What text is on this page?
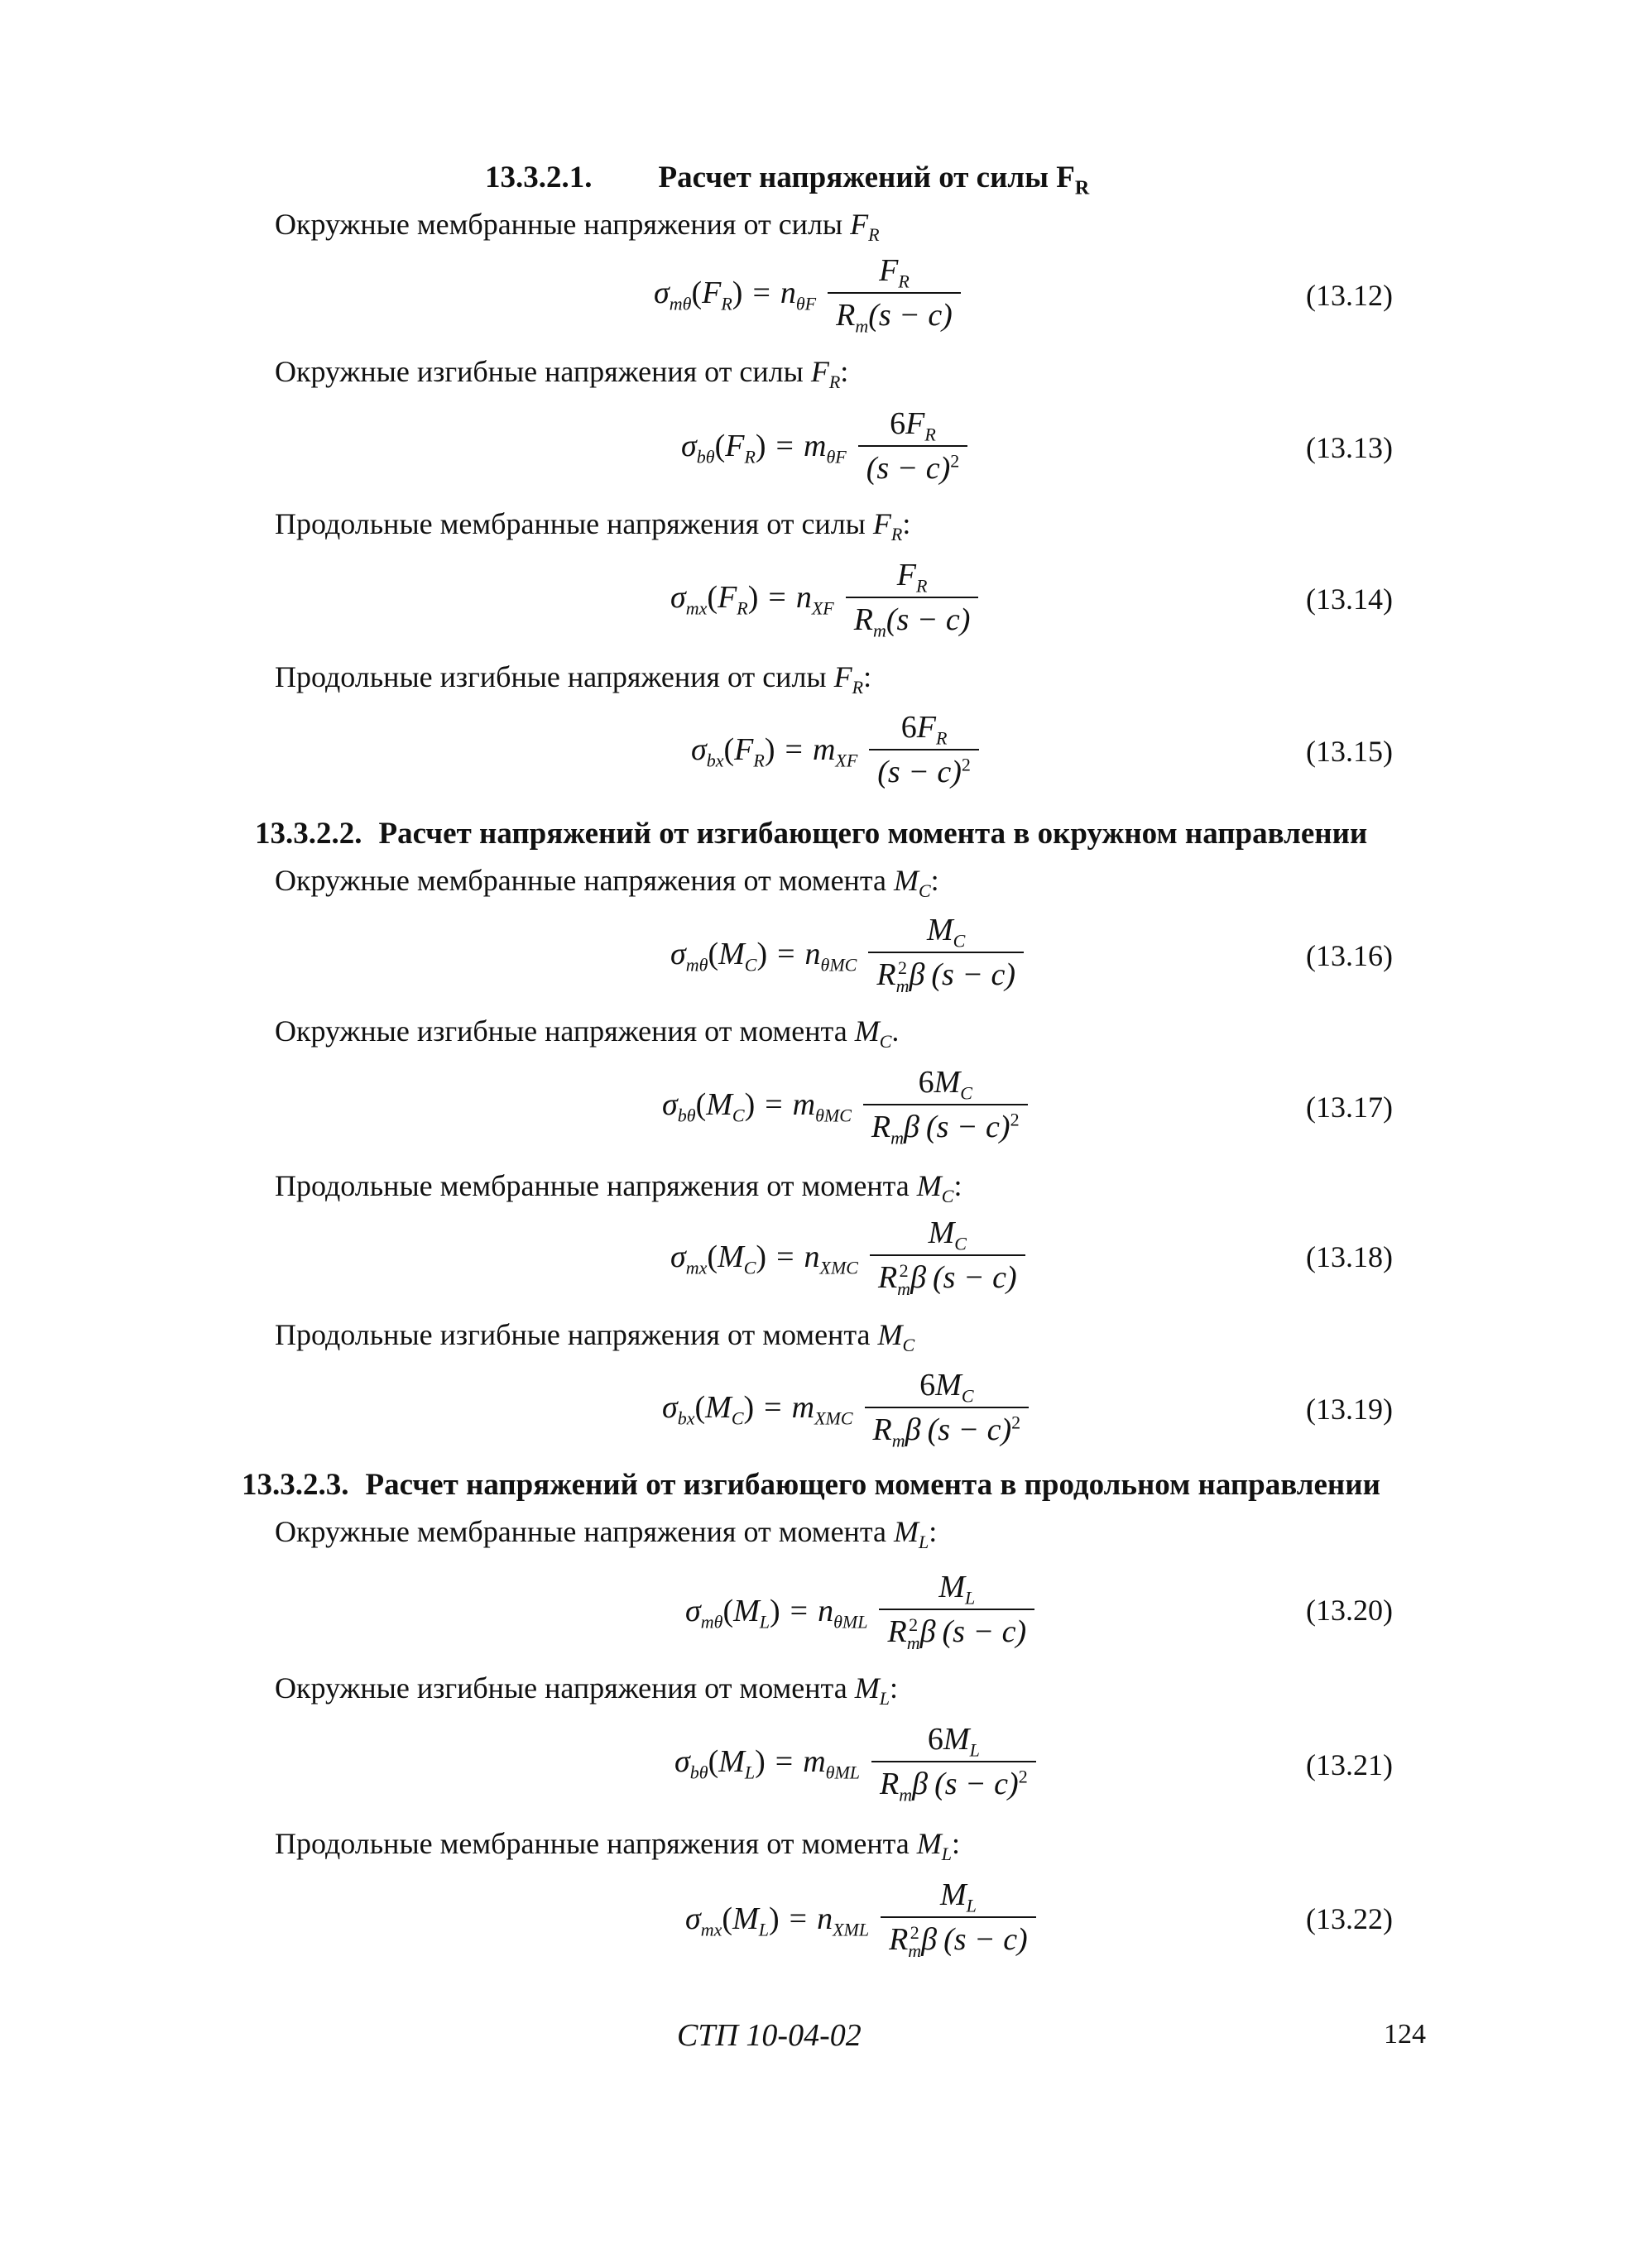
13.3.2.1. Расчет напряжений от силы $F_R$
Окружные мембранные напряжения от силы $F_R$
$\sigma_{m\theta}(F_R) = n_{\theta F} \frac{F_R}{R_m(s - c)}$	(13.12)
Окружные изгибные напряжения от силы $F_R$:
$\sigma_{b\theta}(F_R) = m_{\theta F} \frac{6F_R}{(s - c)^2}$	(13.13)
Продольные мембранные напряжения от силы $F_R$:
$\sigma_{mx}(F_R) = n_{XF} \frac{F_R}{R_m(s - c)}$	(13.14)
Продольные изгибные напряжения от силы $F_R$:
$\sigma_{bx}(F_R) = m_{XF} \frac{6F_R}{(s - c)^2}$	(13.15)
13.3.2.2. Расчет напряжений от изгибающего момента в окружном направлении
Окружные мембранные напряжения от момента $M_C$:
$\sigma_{m\theta}(M_C) = n_{\theta MC}$ $M_C$
R 2
m β (s − c)	(13.16)
Окружные изгибные напряжения от момента $M_C$.
$\sigma_{b\theta}(M_C) = m_{\theta MC} \frac{6M_C}{R_m\beta (s - c)^2}$	(13.17)
Продольные мембранные напряжения от момента $M_C$:
$\sigma_{mx}(M_C) = n_{XMC}$ $M_C$
R 2
m β (s − c)	(13.18)
Продольные изгибные напряжения от момента $M_C$
$\sigma_{bx}(M_C) = m_{XMC} \frac{6M_C}{R_m\beta (s - c)^2}$	(13.19)
13.3.2.3. Расчет напряжений от изгибающего момента в продольном направлении
Окружные мембранные напряжения от момента $M_L$:
$\sigma_{m\theta}(M_L) = n_{\theta ML}$ $M_L$
R 2
m β (s − c)	(13.20)
Окружные изгибные напряжения от момента $M_L$:
$\sigma_{b\theta}(M_L) = m_{\theta ML} \frac{6M_L}{R_m\beta (s - c)^2}$	(13.21)
Продольные мембранные напряжения от момента $M_L$:
$\sigma_{mx}(M_L) = n_{XML}$ $M_L$
R 2
m β (s − c)	(13.22)
СТП 10-04-02	124
